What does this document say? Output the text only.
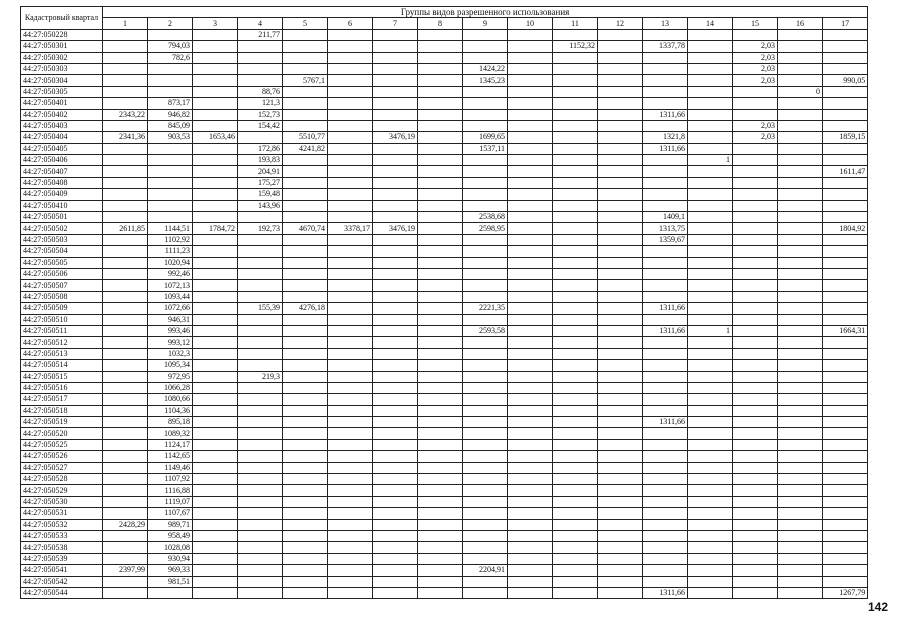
Кадастровый квартал	Группы видов разрешенного использования																
	1	2	3	4	5	6	7	8	9	10	11	12	13	14	15	16	17
44:27:050228				211,77													
44:27:050301		794,03									1152,32		1337,78		2,03		
44:27:050302		782,6													2,03		
44:27:050303									1424,22						2,03		
44:27:050304					5767,1				1345,23						2,03		990,05
44:27:050305				88,76												0	
44:27:050401		873,17		121,3													
44:27:050402	2343,22	946,82		152,73									1311,66				
44:27:050403		845,09		154,42											2,03		
44:27:050404	2341,36	903,53	1653,46		5510,77		3476,19		1699,65				1321,8		2,03		1859,15
44:27:050405				172,86	4241,82				1537,11				1311,66				
44:27:050406				193,83										1			
44:27:050407				204,91													1611,47
44:27:050408				175,27													
44:27:050409				159,48													
44:27:050410				143,96													
44:27:050501									2538,68				1409,1				
44:27:050502	2611,85	1144,51	1784,72	192,73	4670,74	3378,17	3476,19		2598,95				1313,75				1804,92
44:27:050503		1102,92											1359,67				
44:27:050504		1111,23															
44:27:050505		1020,94															
44:27:050506		992,46															
44:27:050507		1072,13															
44:27:050508		1093,44															
44:27:050509		1072,66		155,39	4276,18				2221,35				1311,66				
44:27:050510		946,31															
44:27:050511		993,46							2593,58				1311,66	1			1664,31
44:27:050512		993,12															
44:27:050513		1032,3															
44:27:050514		1095,34															
44:27:050515		972,95		219,3													
44:27:050516		1066,28															
44:27:050517		1080,66															
44:27:050518		1104,36															
44:27:050519		895,18											1311,66				
44:27:050520		1089,32															
44:27:050525		1124,17															
44:27:050526		1142,65															
44:27:050527		1149,46															
44:27:050528		1107,92															
44:27:050529		1116,88															
44:27:050530		1119,07															
44:27:050531		1107,67															
44:27:050532	2428,29	989,71															
44:27:050533		958,49															
44:27:050538		1028,08															
44:27:050539		930,94															
44:27:050541	2397,99	969,33							2204,91								
44:27:050542		981,51															
44:27:050544													1311,66				1267,79
142
